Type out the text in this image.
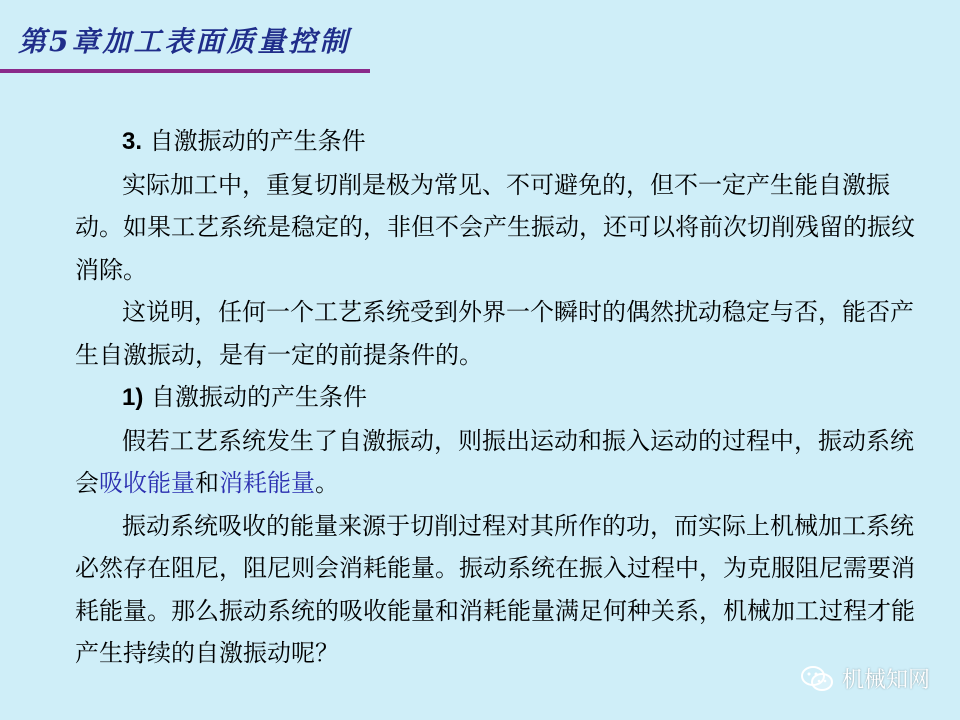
第5章加工表面质量控制

3. 自激振动的产生条件

实际加工中，重复切削是极为常见、不可避免的，但不一定产生能自激振动。如果工艺系统是稳定的，非但不会产生振动，还可以将前次切削残留的振纹消除。

这说明，任何一个工艺系统受到外界一个瞬时的偶然扰动稳定与否，能否产生自激振动，是有一定的前提条件的。

1) 自激振动的产生条件

假若工艺系统发生了自激振动，则振出运动和振入运动的过程中，振动系统会吸收能量和消耗能量。

振动系统吸收的能量来源于切削过程对其所作的功，而实际上机械加工系统必然存在阻尼，阻尼则会消耗能量。振动系统在振入过程中，为克服阻尼需要消耗能量。那么振动系统的吸收能量和消耗能量满足何种关系，机械加工过程才能产生持续的自激振动呢？

机械知网
